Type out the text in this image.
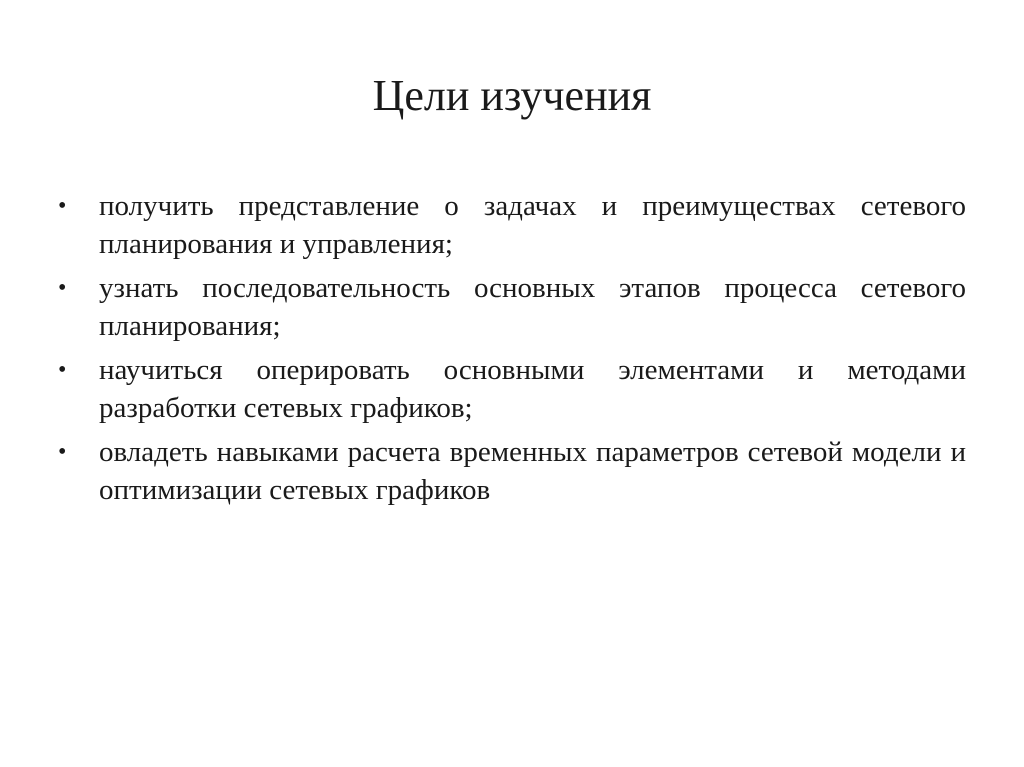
Цели изучения
• получить представление о задачах и преимуществах сетевого планирования и управления;
• узнать последовательность основных этапов процесса сетевого планирования;
• научиться оперировать основными элементами и методами разработки сетевых графиков;
• овладеть навыками расчета временных параметров сетевой модели и оптимизации сетевых графиков
